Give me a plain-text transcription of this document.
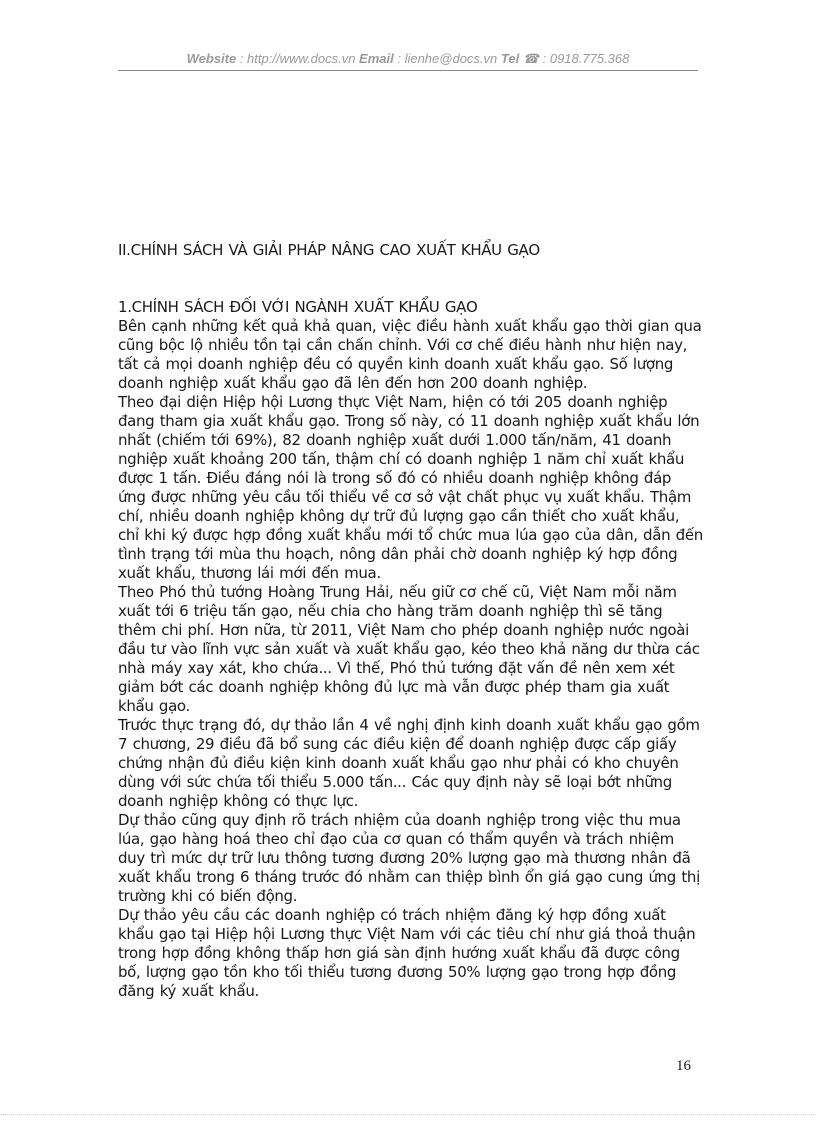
Website : http://www.docs.vn Email : lienhe@docs.vn Tel ☎ : 0918.775.368

II.CHÍNH SÁCH VÀ GIẢI PHÁP NÂNG CAO XUẤT KHẨU GẠO

1.CHÍNH SÁCH ĐỐI VỚI NGÀNH XUẤT KHẨU GẠO

Bên cạnh những kết quả khả quan, việc điều hành xuất khẩu gạo thời gian qua cũng bộc lộ nhiều tồn tại cần chấn chỉnh. Với cơ chế điều hành như hiện nay, tất cả mọi doanh nghiệp đều có quyền kinh doanh xuất khẩu gạo. Số lượng doanh nghiệp xuất khẩu gạo đã lên đến hơn 200 doanh nghiệp.

Theo đại diện Hiệp hội Lương thực Việt Nam, hiện có tới 205 doanh nghiệp đang tham gia xuất khẩu gạo. Trong số này, có 11 doanh nghiệp xuất khẩu lớn nhất (chiếm tới 69%), 82 doanh nghiệp xuất dưới 1.000 tấn/năm, 41 doanh nghiệp xuất khoảng 200 tấn, thậm chí có doanh nghiệp 1 năm chỉ xuất khẩu được 1 tấn. Điều đáng nói là trong số đó có nhiều doanh nghiệp không đáp ứng được những yêu cầu tối thiểu về cơ sở vật chất phục vụ xuất khẩu. Thậm chí, nhiều doanh nghiệp không dự trữ đủ lượng gạo cần thiết cho xuất khẩu, chỉ khi ký được hợp đồng xuất khẩu mới tổ chức mua lúa gạo của dân, dẫn đến tình trạng tới mùa thu hoạch, nông dân phải chờ doanh nghiệp ký hợp đồng xuất khẩu, thương lái mới đến mua.

Theo Phó thủ tướng Hoàng Trung Hải, nếu giữ cơ chế cũ, Việt Nam mỗi năm xuất tới 6 triệu tấn gạo, nếu chia cho hàng trăm doanh nghiệp thì sẽ tăng thêm chi phí. Hơn nữa, từ 2011, Việt Nam cho phép doanh nghiệp nước ngoài đầu tư vào lĩnh vực sản xuất và xuất khẩu gạo, kéo theo khả năng dư thừa các nhà máy xay xát, kho chứa... Vì thế, Phó thủ tướng đặt vấn đề nên xem xét giảm bớt các doanh nghiệp không đủ lực mà vẫn được phép tham gia xuất khẩu gạo.

Trước thực trạng đó, dự thảo lần 4 về nghị định kinh doanh xuất khẩu gạo gồm 7 chương, 29 điều đã bổ sung các điều kiện để doanh nghiệp được cấp giấy chứng nhận đủ điều kiện kinh doanh xuất khẩu gạo như phải có kho chuyên dùng với sức chứa tối thiểu 5.000 tấn... Các quy định này sẽ loại bớt những doanh nghiệp không có thực lực.

Dự thảo cũng quy định rõ trách nhiệm của doanh nghiệp trong việc thu mua lúa, gạo hàng hoá theo chỉ đạo của cơ quan có thẩm quyền và trách nhiệm duy trì mức dự trữ lưu thông tương đương 20% lượng gạo mà thương nhân đã xuất khẩu trong 6 tháng trước đó nhằm can thiệp bình ổn giá gạo cung ứng thị trường khi có biến động.

Dự thảo yêu cầu các doanh nghiệp có trách nhiệm đăng ký hợp đồng xuất khẩu gạo tại Hiệp hội Lương thực Việt Nam với các tiêu chí như giá thoả thuận trong hợp đồng không thấp hơn giá sàn định hướng xuất khẩu đã được công bố, lượng gạo tồn kho tối thiểu tương đương 50% lượng gạo trong hợp đồng đăng ký xuất khẩu.

16
